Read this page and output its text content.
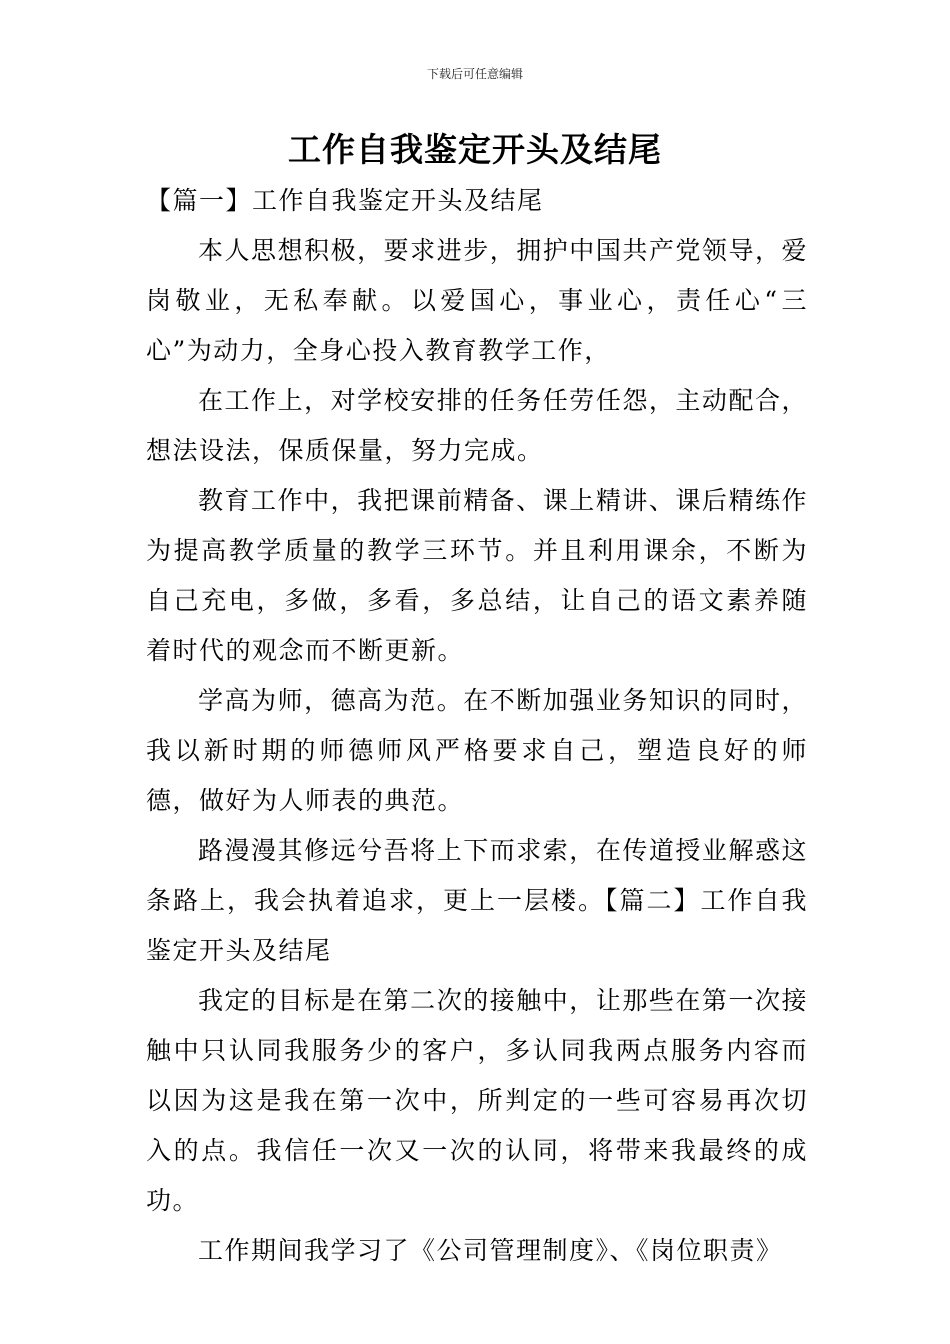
下载后可任意编辑
工作自我鉴定开头及结尾
【篇一】工作自我鉴定开头及结尾

本人思想积极，要求进步，拥护中国共产党领导，爱岗敬业，无私奉献。以爱国心，事业心，责任心“三心”为动力，全身心投入教育教学工作，

在工作上，对学校安排的任务任劳任怨，主动配合，想法设法，保质保量，努力完成。

教育工作中，我把课前精备、课上精讲、课后精练作为提高教学质量的教学三环节。并且利用课余，不断为自己充电，多做，多看，多总结，让自己的语文素养随着时代的观念而不断更新。

学高为师，德高为范。在不断加强业务知识的同时，我以新时期的师德师风严格要求自己，塑造良好的师德，做好为人师表的典范。

路漫漫其修远兮吾将上下而求索，在传道授业解惑这条路上，我会执着追求，更上一层楼。【篇二】工作自我鉴定开头及结尾

我定的目标是在第二次的接触中，让那些在第一次接触中只认同我服务少的客户，多认同我两点服务内容而以因为这是我在第一次中，所判定的一些可容易再次切入的点。我信任一次又一次的认同，将带来我最终的成功。

工作期间我学习了《公司管理制度》、《岗位职责》
